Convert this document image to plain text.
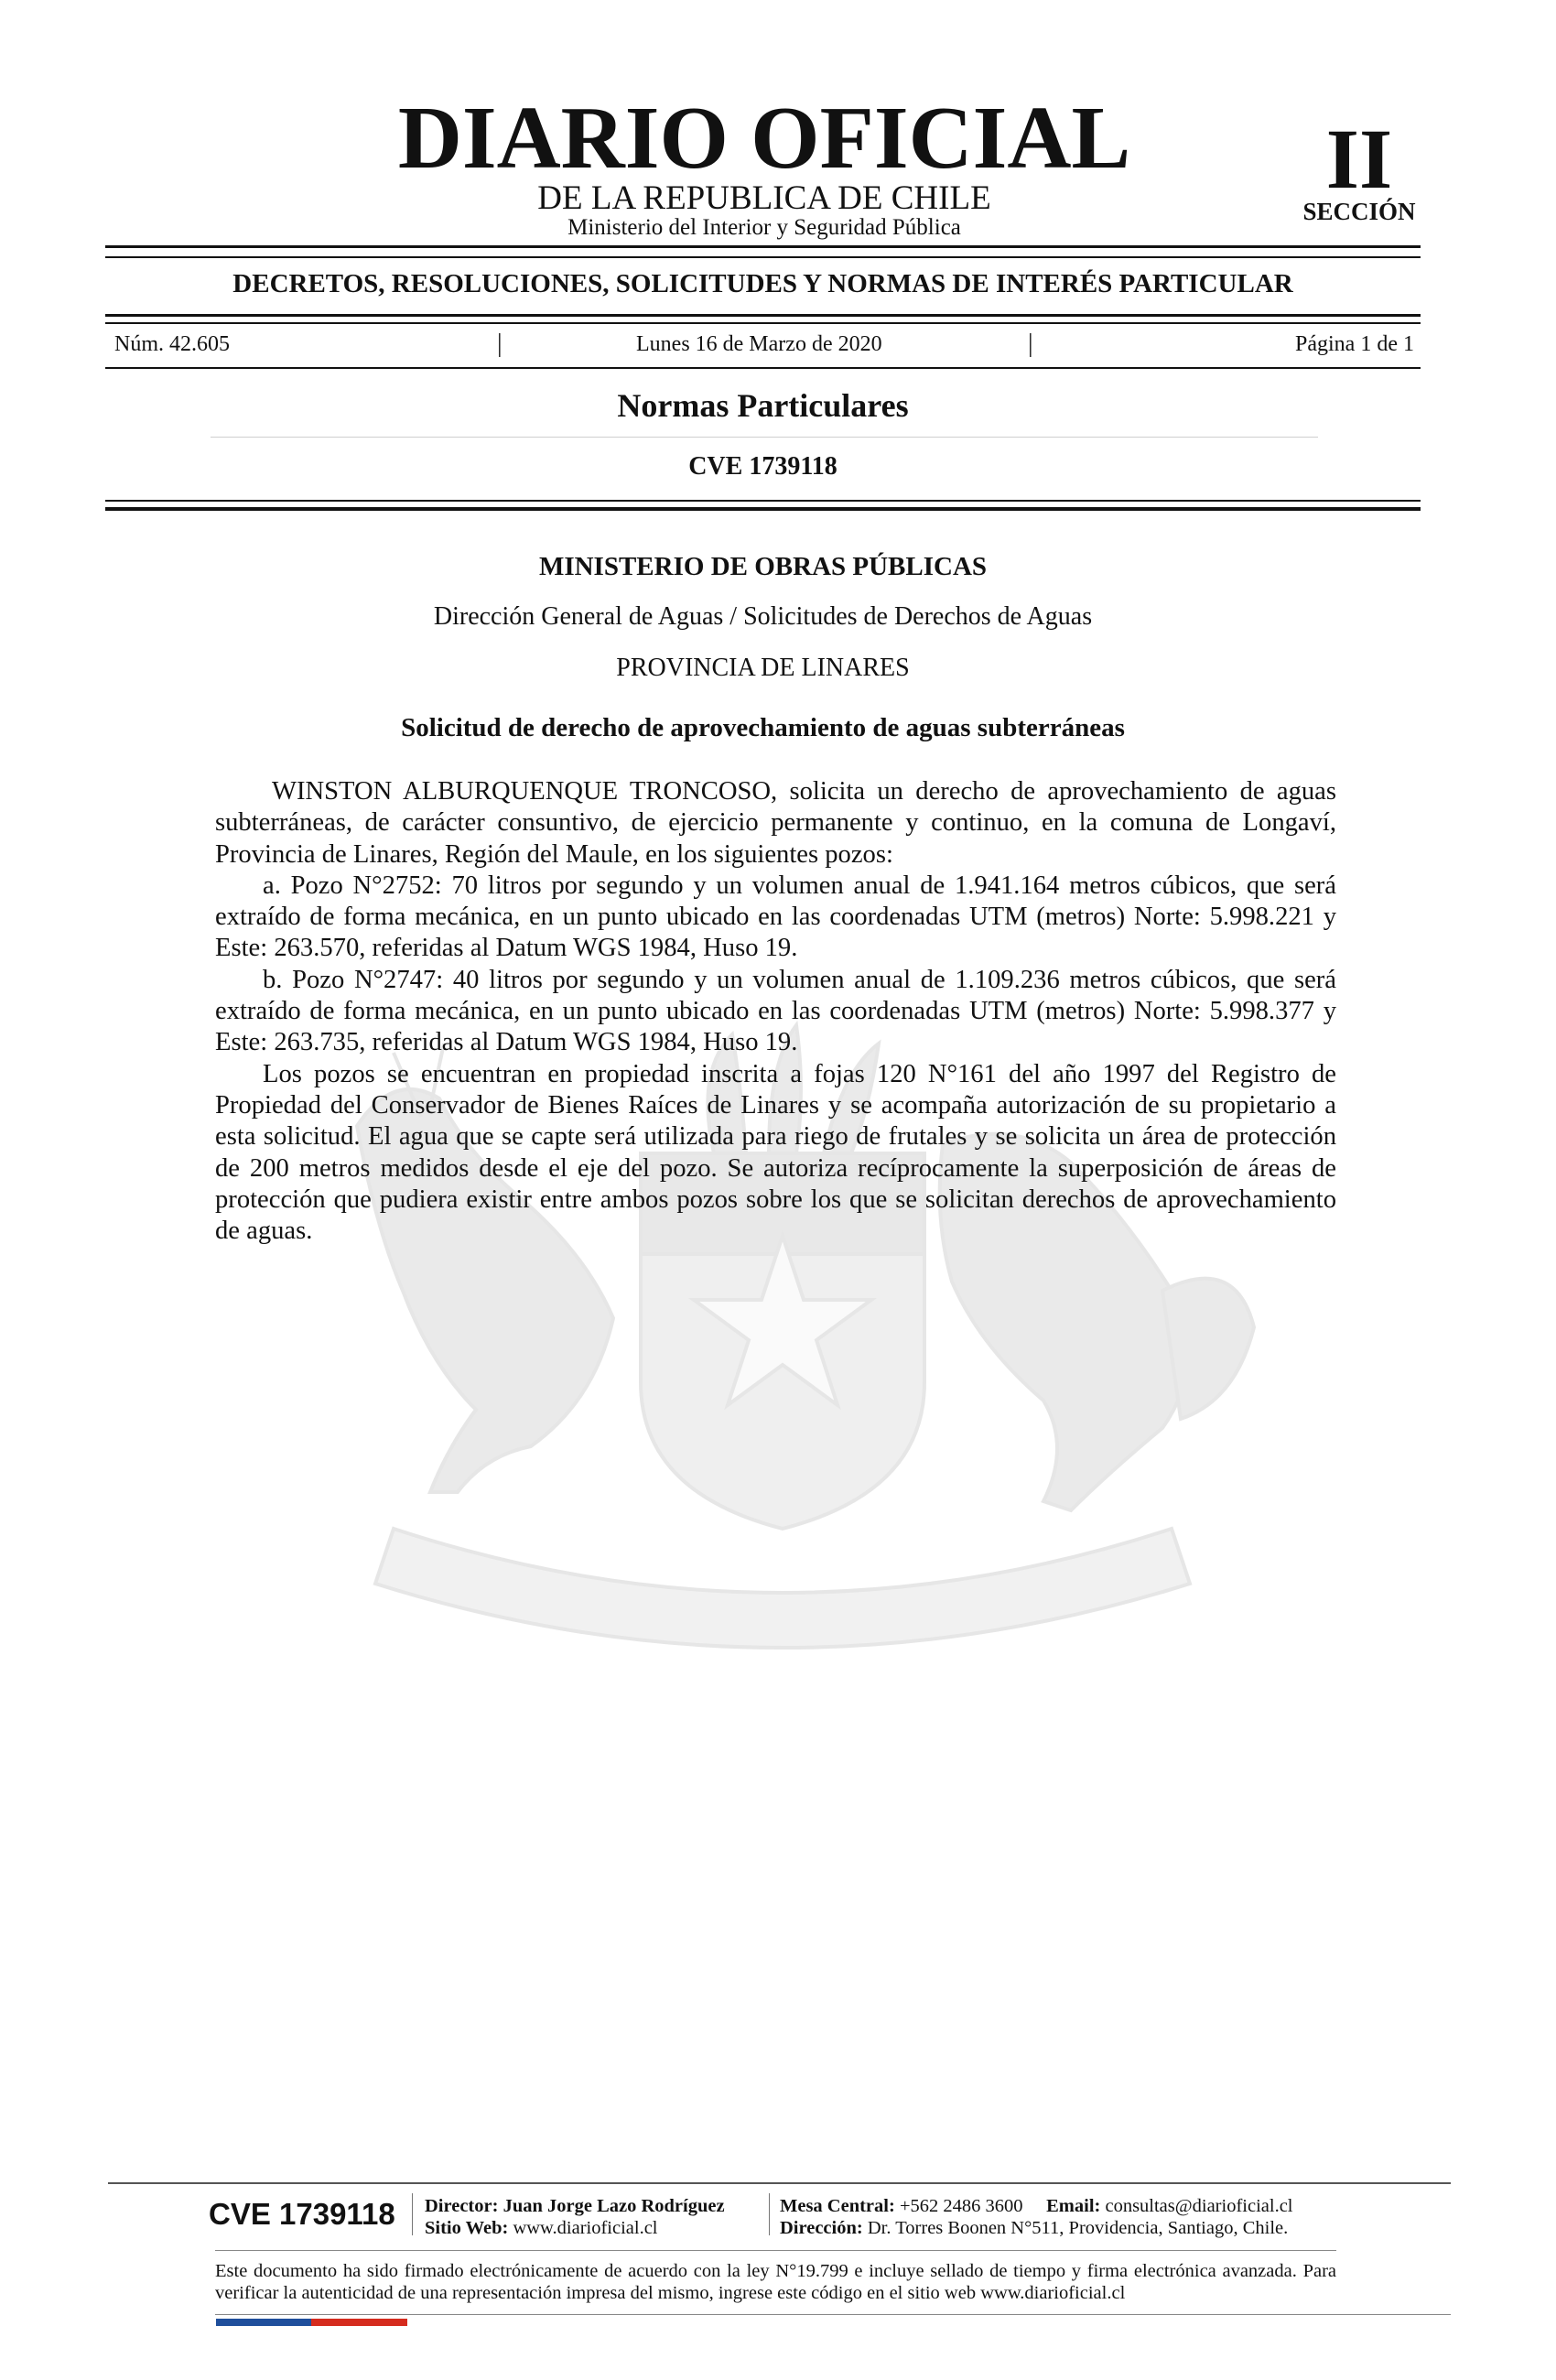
DIARIO OFICIAL
DE LA REPUBLICA DE CHILE
Ministerio del Interior y Seguridad Pública
II
SECCIÓN
DECRETOS, RESOLUCIONES, SOLICITUDES Y NORMAS DE INTERÉS PARTICULAR
Núm. 42.605	|	Lunes 16 de Marzo de 2020	|	Página 1 de 1
Normas Particulares
CVE 1739118
MINISTERIO DE OBRAS PÚBLICAS
Dirección General de Aguas / Solicitudes de Derechos de Aguas
PROVINCIA DE LINARES
Solicitud de derecho de aprovechamiento de aguas subterráneas

WINSTON ALBURQUENQUE TRONCOSO, solicita un derecho de aprovechamiento de aguas subterráneas, de carácter consuntivo, de ejercicio permanente y continuo, en la comuna de Longaví, Provincia de Linares, Región del Maule, en los siguientes pozos:

a. Pozo N°2752: 70 litros por segundo y un volumen anual de 1.941.164 metros cúbicos, que será extraído de forma mecánica, en un punto ubicado en las coordenadas UTM (metros) Norte: 5.998.221 y Este: 263.570, referidas al Datum WGS 1984, Huso 19.

b. Pozo N°2747: 40 litros por segundo y un volumen anual de 1.109.236 metros cúbicos, que será extraído de forma mecánica, en un punto ubicado en las coordenadas UTM (metros) Norte: 5.998.377 y Este: 263.735, referidas al Datum WGS 1984, Huso 19.

Los pozos se encuentran en propiedad inscrita a fojas 120 N°161 del año 1997 del Registro de Propiedad del Conservador de Bienes Raíces de Linares y se acompaña autorización de su propietario a esta solicitud. El agua que se capte será utilizada para riego de frutales y se solicita un área de protección de 200 metros medidos desde el eje del pozo. Se autoriza recíprocamente la superposición de áreas de protección que pudiera existir entre ambos pozos sobre los que se solicitan derechos de aprovechamiento de aguas.

CVE 1739118 Director: Juan Jorge Lazo Rodríguez
Sitio Web: www.diarioficial.cl
Mesa Central: +562 2486 3600 Email: consultas@diarioficial.cl
Dirección: Dr. Torres Boonen N°511, Providencia, Santiago, Chile.
Este documento ha sido firmado electrónicamente de acuerdo con la ley N°19.799 e incluye sellado de tiempo y firma electrónica avanzada. Para verificar la autenticidad de una representación impresa del mismo, ingrese este código en el sitio web www.diarioficial.cl
